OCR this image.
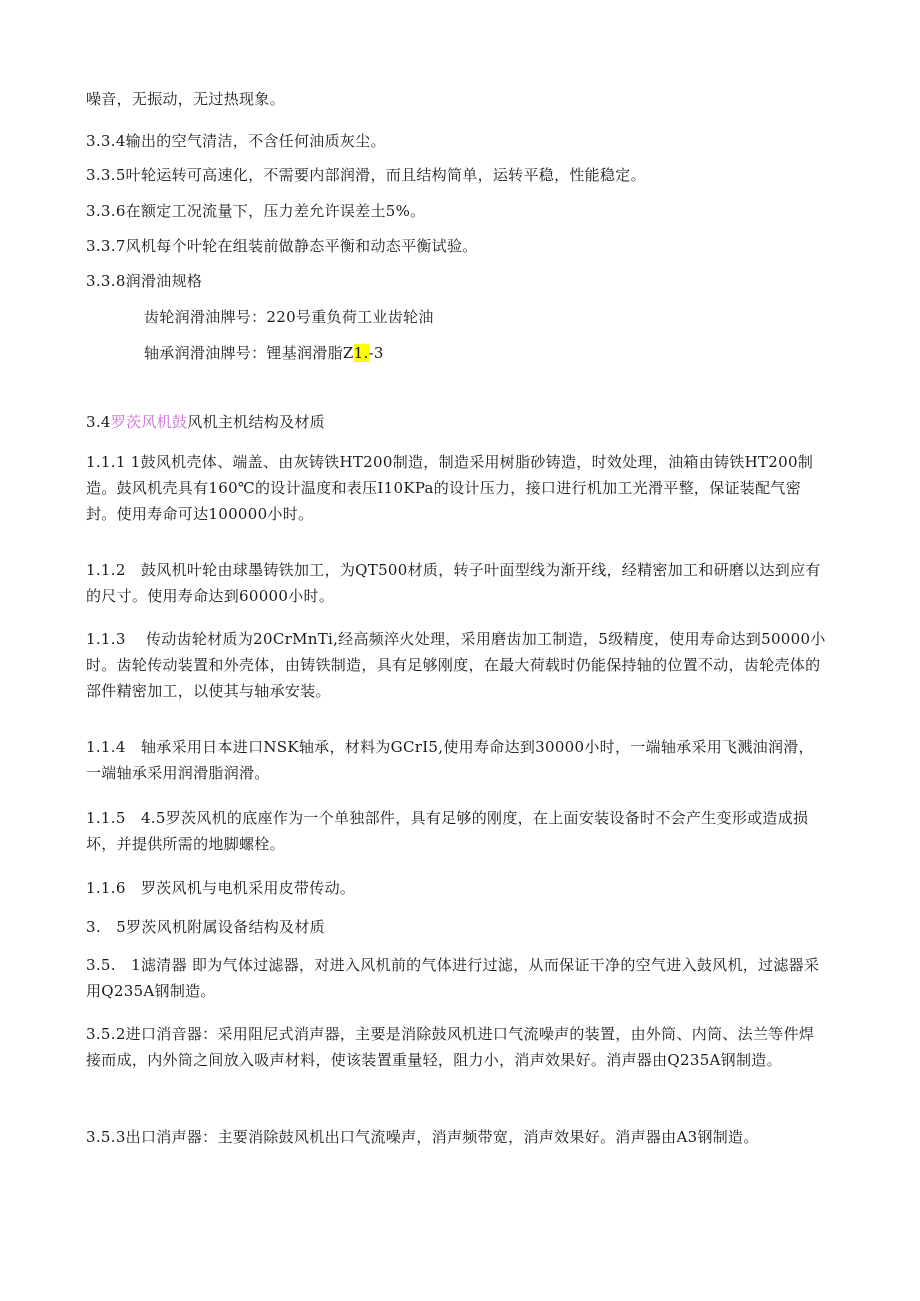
噪音，无振动，无过热现象。
3.3.4输出的空气清洁，不含任何油质灰尘。
3.3.5叶轮运转可高速化，不需要内部润滑，而且结构简单，运转平稳，性能稳定。
3.3.6在额定工况流量下，压力差允许误差土5%。
3.3.7风机每个叶轮在组装前做静态平衡和动态平衡试验。
3.3.8润滑油规格
齿轮润滑油牌号：220号重负荷工业齿轮油
轴承润滑油牌号：锂基润滑脂Z1.-3
3.4罗茨风机鼓风机主机结构及材质
1.1.1 1鼓风机壳体、端盖、由灰铸铁HT200制造，制造采用树脂砂铸造，时效处理，油箱由铸铁HT200制造。鼓风机壳具有160℃的设计温度和表压I10KPa的设计压力，接口进行机加工光滑平整，保证装配气密封。使用寿命可达100000小时。
1.1.2　鼓风机叶轮由球墨铸铁加工，为QT500材质，转子叶面型线为渐开线，经精密加工和研磨以达到应有的尺寸。使用寿命达到60000小时。
1.1.3　 传动齿轮材质为20CrMnTi,经高频淬火处理，采用磨齿加工制造，5级精度，使用寿命达到50000小时。齿轮传动装置和外壳体，由铸铁制造，具有足够刚度，在最大荷载时仍能保持轴的位置不动，齿轮壳体的部件精密加工，以使其与轴承安装。
1.1.4　轴承采用日本进口NSK轴承，材料为GCrI5,使用寿命达到30000小时，一端轴承采用飞溅油润滑，一端轴承采用润滑脂润滑。
1.1.5　4.5罗茨风机的底座作为一个单独部件，具有足够的刚度，在上面安装设备时不会产生变形或造成损坏，并提供所需的地脚螺栓。
1.1.6　罗茨风机与电机采用皮带传动。
3.　5罗茨风机附属设备结构及材质
3.5.　1滤清器 即为气体过滤器，对进入风机前的气体进行过滤，从而保证干净的空气进入鼓风机，过滤器采用Q235A钢制造。
3.5.2进口消音器：采用阻尼式消声器，主要是消除鼓风机进口气流噪声的装置，由外筒、内筒、法兰等件焊接而成，内外筒之间放入吸声材料，使该装置重量轻，阻力小，消声效果好。消声器由Q235A钢制造。
3.5.3出口消声器：主要消除鼓风机出口气流噪声，消声频带宽，消声效果好。消声器由A3钢制造。
